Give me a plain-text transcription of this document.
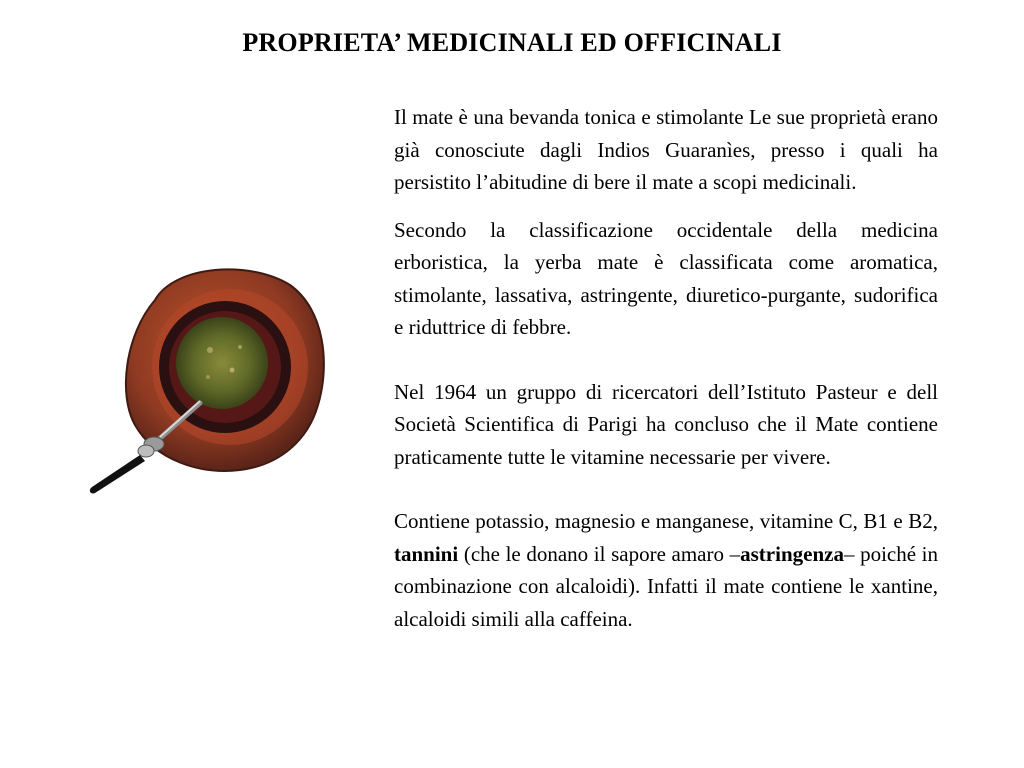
PROPRIETA’ MEDICINALI ED OFFICINALI

Il mate è una bevanda tonica e stimolante Le sue proprietà erano già conosciute dagli Indios Guaranìes, presso i quali ha persistito l’abitudine di bere il mate a scopi medicinali.

Secondo la classificazione occidentale della medicina erboristica, la yerba mate è classificata come aromatica, stimolante, lassativa, astringente, diuretico-purgante, sudorifica e riduttrice di febbre.

Nel 1964 un gruppo di ricercatori dell’Istituto Pasteur e dell Società Scientifica di Parigi ha concluso che il Mate contiene praticamente tutte le vitamine necessarie per vivere.

Contiene potassio, magnesio e manganese, vitamine C, B1 e B2, tannini (che le donano il sapore amaro –astringenza– poiché in combinazione con alcaloidi). Infatti il mate contiene le xantine, alcaloidi simili alla caffeina.
